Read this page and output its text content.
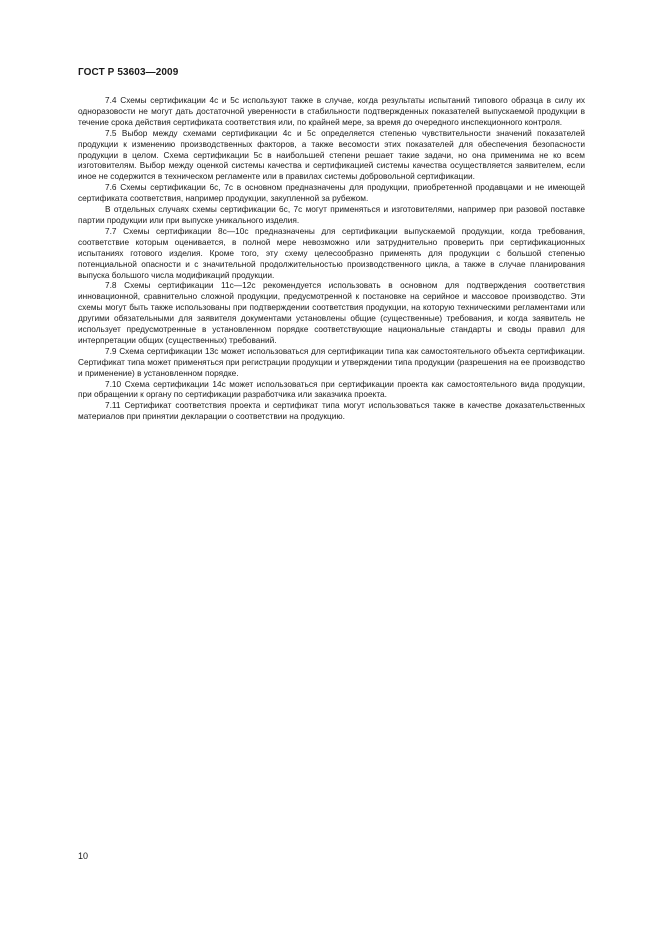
ГОСТ Р 53603—2009

7.4 Схемы сертификации 4с и 5с используют также в случае, когда результаты испытаний типового образца в силу их одноразовости не могут дать достаточной уверенности в стабильности подтвержденных показателей выпускаемой продукции в течение срока действия сертификата соответствия или, по крайней мере, за время до очередного инспекционного контроля.

7.5 Выбор между схемами сертификации 4с и 5с определяется степенью чувствительности значений показателей продукции к изменению производственных факторов, а также весомости этих показателей для обеспечения безопасности продукции в целом. Схема сертификации 5с в наибольшей степени решает такие задачи, но она применима не ко всем изготовителям. Выбор между оценкой системы качества и сертификацией системы качества осуществляется заявителем, если иное не содержится в техническом регламенте или в правилах системы добровольной сертификации.

7.6 Схемы сертификации 6с, 7с в основном предназначены для продукции, приобретенной продавцами и не имеющей сертификата соответствия, например продукции, закупленной за рубежом.

В отдельных случаях схемы сертификации 6с, 7с могут применяться и изготовителями, например при разовой поставке партии продукции или при выпуске уникального изделия.

7.7 Схемы сертификации 8с—10с предназначены для сертификации выпускаемой продукции, когда требования, соответствие которым оценивается, в полной мере невозможно или затруднительно проверить при сертификационных испытаниях готового изделия. Кроме того, эту схему целесообразно применять для продукции с большой степенью потенциальной опасности и с значительной продолжительностью производственного цикла, а также в случае планирования выпуска большого числа модификаций продукции.

7.8 Схемы сертификации 11с—12с рекомендуется использовать в основном для подтверждения соответствия инновационной, сравнительно сложной продукции, предусмотренной к постановке на серийное и массовое производство. Эти схемы могут быть также использованы при подтверждении соответствия продукции, на которую техническими регламентами или другими обязательными для заявителя документами установлены общие (существенные) требования, и когда заявитель не использует предусмотренные в установленном порядке соответствующие национальные стандарты и своды правил для интерпретации общих (существенных) требований.

7.9 Схема сертификации 13с может использоваться для сертификации типа как самостоятельного объекта сертификации. Сертификат типа может применяться при регистрации продукции и утверждении типа продукции (разрешения на ее производство и применение) в установленном порядке.

7.10 Схема сертификации 14с может использоваться при сертификации проекта как самостоятельного вида продукции, при обращении к органу по сертификации разработчика или заказчика проекта.

7.11 Сертификат соответствия проекта и сертификат типа могут использоваться также в качестве доказательственных материалов при принятии декларации о соответствии на продукцию.

10
